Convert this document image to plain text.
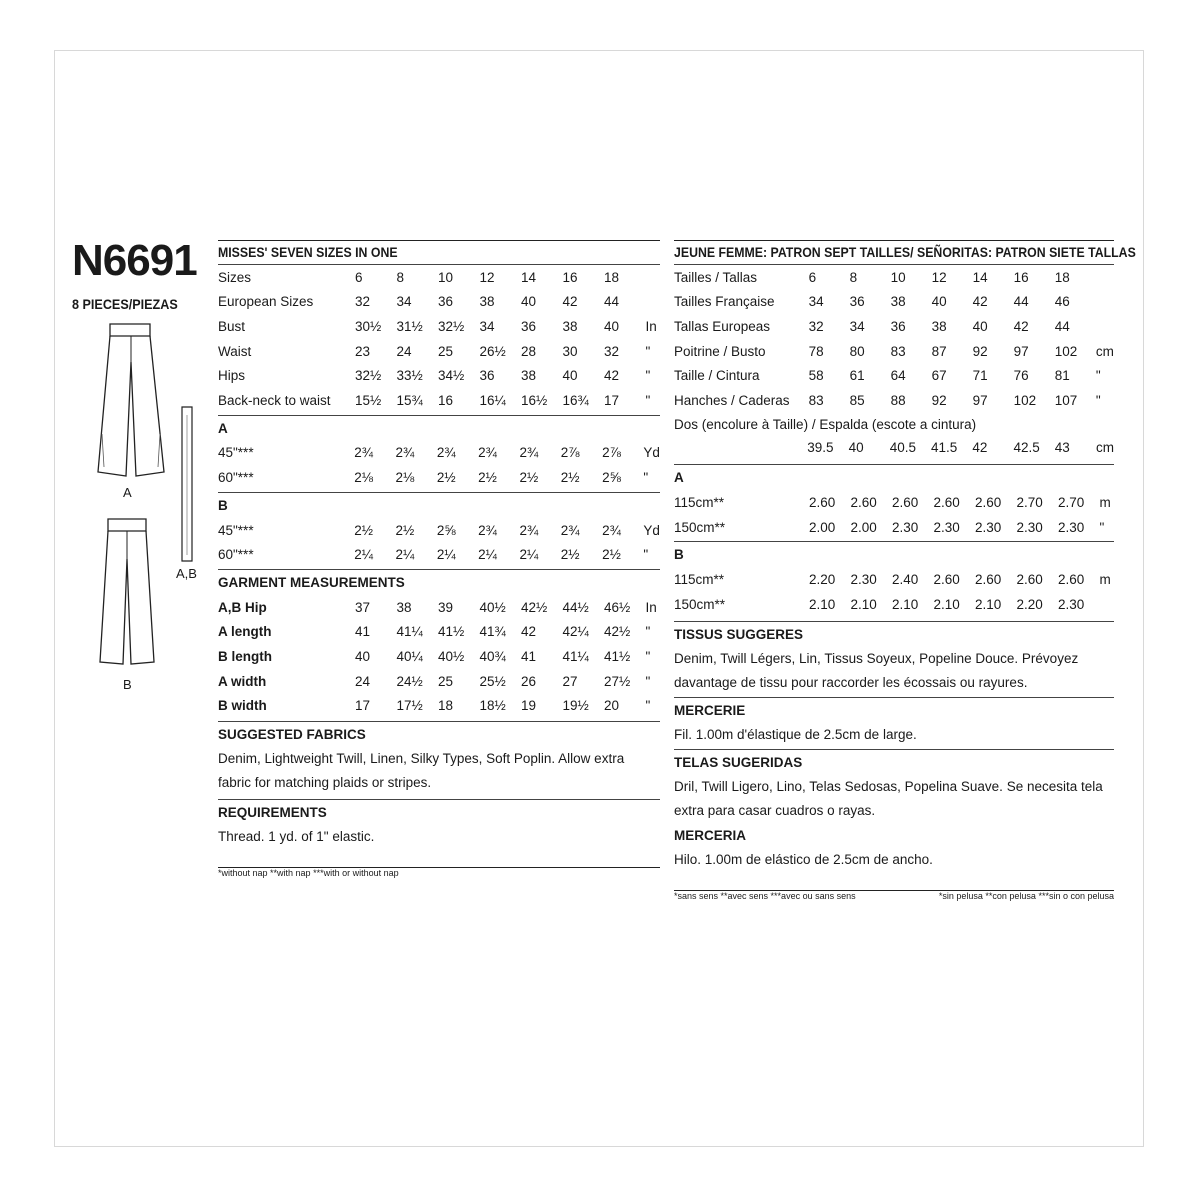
N6691
8 PIECES/PIEZAS
A
B
A,B
MISSES' SEVEN SIZES IN ONE
Sizes	6	8	10	12	14	16	18	
European Sizes	32	34	36	38	40	42	44	
Bust	30½	31½	32½	34	36	38	40	In
Waist	23	24	25	26½	28	30	32	"
Hips	32½	33½	34½	36	38	40	42	"
Back-neck to waist	15½	15¾	16	16¼	16½	16¾	17	"
A
45"***	2¾	2¾	2¾	2¾	2¾	2⅞	2⅞	Yd
60"***	2⅛	2⅛	2½	2½	2½	2½	2⅝	"
B
45"***	2½	2½	2⅝	2¾	2¾	2¾	2¾	Yd
60"***	2¼	2¼	2¼	2¼	2¼	2½	2½	"
GARMENT MEASUREMENTS
A,B Hip	37	38	39	40½	42½	44½	46½	In
A length	41	41¼	41½	41¾	42	42¼	42½	"
B length	40	40¼	40½	40¾	41	41¼	41½	"
A width	24	24½	25	25½	26	27	27½	"
B width	17	17½	18	18½	19	19½	20	"
SUGGESTED FABRICS
Denim, Lightweight Twill, Linen, Silky Types, Soft Poplin. Allow extra fabric for matching plaids or stripes.
REQUIREMENTS
Thread. 1 yd. of 1" elastic.
*without nap **with nap ***with or without nap
JEUNE FEMME: PATRON SEPT TAILLES/ SEÑORITAS: PATRON SIETE TALLAS
Tailles / Tallas	6	8	10	12	14	16	18	
Tailles Française	34	36	38	40	42	44	46	
Tallas Europeas	32	34	36	38	40	42	44	
Poitrine / Busto	78	80	83	87	92	97	102	cm
Taille / Cintura	58	61	64	67	71	76	81	"
Hanches / Caderas	83	85	88	92	97	102	107	"
Dos (encolure à Taille) / Espalda (escote a cintura)
	39.5	40	40.5	41.5	42	42.5	43	cm
A
115cm**	2.60	2.60	2.60	2.60	2.60	2.70	2.70	m
150cm**	2.00	2.00	2.30	2.30	2.30	2.30	2.30	"
B
115cm**	2.20	2.30	2.40	2.60	2.60	2.60	2.60	m
150cm**	2.10	2.10	2.10	2.10	2.10	2.20	2.30	
TISSUS SUGGERES
Denim, Twill Légers, Lin, Tissus Soyeux, Popeline Douce. Prévoyez davantage de tissu pour raccorder les écossais ou rayures.
MERCERIE
Fil. 1.00m d'élastique de 2.5cm de large.
TELAS SUGERIDAS
Dril, Twill Ligero, Lino, Telas Sedosas, Popelina Suave. Se necesita tela extra para casar cuadros o rayas.
MERCERIA
Hilo. 1.00m de elástico de 2.5cm de ancho.
*sans sens **avec sens ***avec ou sans sens	*sin pelusa **con pelusa ***sin o con pelusa
